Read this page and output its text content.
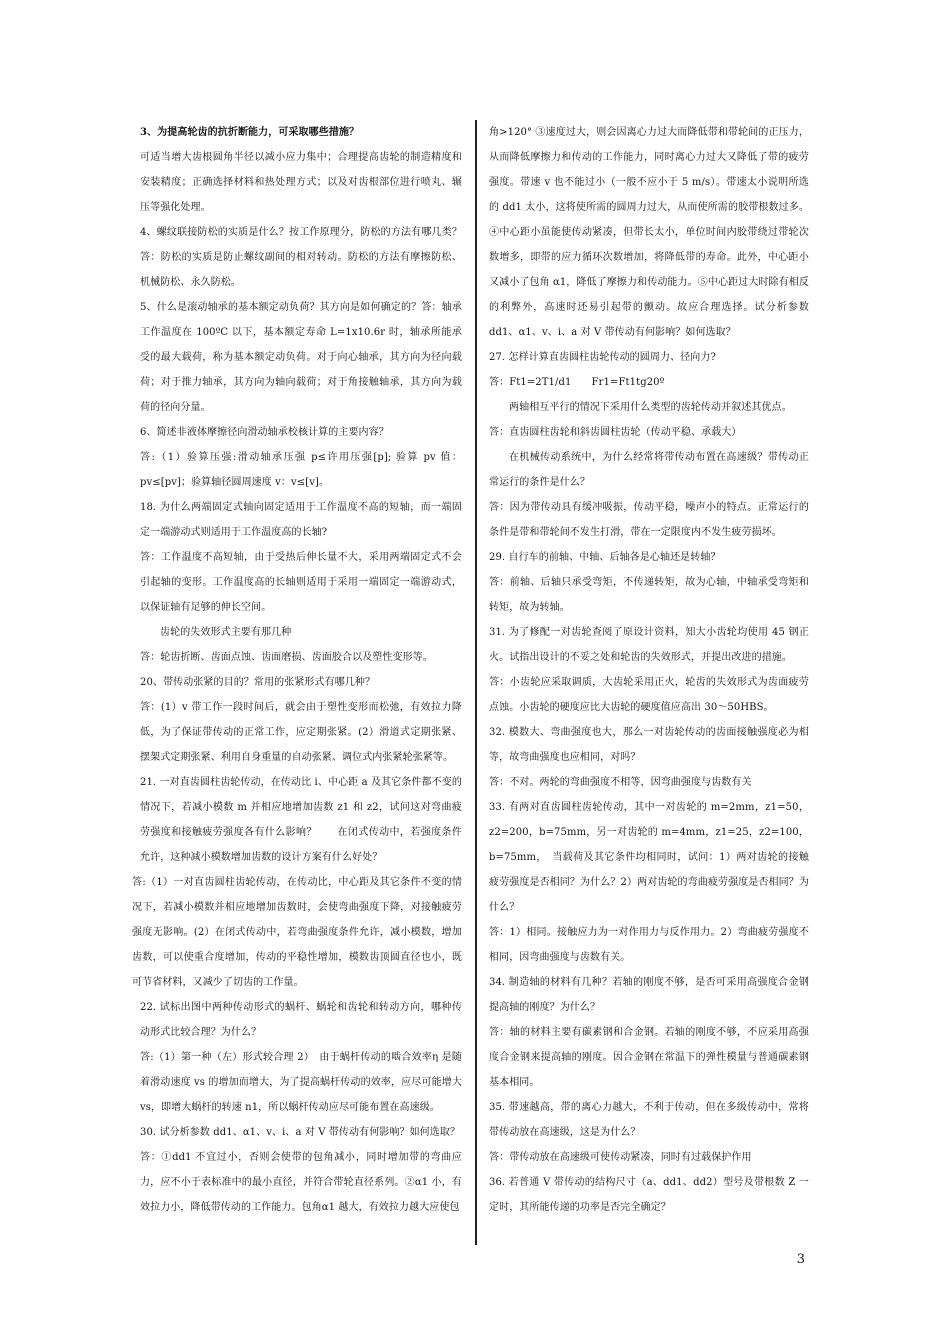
3、为提高轮齿的抗折断能力，可采取哪些措施？

可适当增大齿根圆角半径以减小应力集中；合理提高齿轮的制造精度和安装精度；正确选择材料和热处理方式；以及对齿根部位进行喷丸、辗压等强化处理。

4、螺纹联接防松的实质是什么？按工作原理分，防松的方法有哪几类？答：防松的实质是防止螺纹副间的相对转动。防松的方法有摩擦防松、机械防松、永久防松。

5、什么是滚动轴承的基本额定动负荷？其方向是如何确定的？答：轴承工作温度在 100ºC 以下，基本额定寿命 L=1x10.6r 时，轴承所能承受的最大载荷，称为基本额定动负荷。对于向心轴承，其方向为径向载荷；对于推力轴承，其方向为轴向载荷；对于角接触轴承，其方向为载荷的径向分量。

6、简述非液体摩擦径向滑动轴承校核计算的主要内容？

答:（1）验算压强:滑动轴承压强 p≤许用压强[p]; 验算 pv 值：pv≤[pv]；验算轴径圆周速度 v：v≤[v]。

18. 为什么两端固定式轴向固定适用于工作温度不高的短轴，而一端固定一端游动式则适用于工作温度高的长轴?

答：工作温度不高短轴，由于受热后伸长量不大，采用两端固定式不会引起轴的变形。工作温度高的长轴则适用于采用一端固定一端游动式，以保证轴有足够的伸长空间。

齿轮的失效形式主要有那几种

答：轮齿折断、齿面点蚀、齿面磨损、齿面胶合以及塑性变形等。

20、带传动张紧的目的？常用的张紧形式有哪几种？

答：(1）v 带工作一段时间后，就会由于塑性变形而松弛，有效拉力降低，为了保证带传动的正常工作，应定期张紧。(2）滑道式定期张紧、摆架式定期张紧、利用自身重量的自动张紧、调位式内张紧轮张紧等。

21. 一对直齿圆柱齿轮传动，在传动比 i、中心距 a 及其它条件都不变的情况下，若减小模数 m 并相应地增加齿数 z1 和 z2，试问这对弯曲疲劳强度和接触疲劳强度各有什么影响？　　在闭式传动中，若强度条件允许，这种减小模数增加齿数的设计方案有什么好处？

答:（1）一对直齿圆柱齿轮传动，在传动比，中心距及其它条件不变的情况下，若减小模数并相应地增加齿数时，会使弯曲强度下降，对接触疲劳强度无影响。(2）在闭式传动中，若弯曲强度条件允许，减小模数，增加齿数，可以使重合度增加，传动的平稳性增加，模数齿顶圆直径也小，既可节省材料，又减少了切齿的工作量。

22. 试标出图中两种传动形式的蜗杆、蜗轮和齿轮和转动方向，哪种传动形式比较合理？为什么？

答:（1）第一种（左）形式较合理 2）　由于蜗杆传动的啮合效率η 是随着滑动速度 vs 的增加而增大，为了提高蜗杆传动的效率，应尽可能增大 vs，即增大蜗杆的转速 n1，所以蜗杆传动应尽可能布置在高速级。

30. 试分析参数 dd1、α1、v、i、a 对 V 带传动有何影响？如何选取？

答：①dd1 不宜过小，否则会使带的包角减小，同时增加带的弯曲应力，应不小于表标准中的最小直径，并符合带轮直径系列。②α1 小，有效拉力小，降低带传动的工作能力。包角α1 越大，有效拉力越大应使包

角>120° ③速度过大，则会因离心力过大而降低带和带轮间的正压力，从而降低摩擦力和传动的工作能力，同时离心力过大又降低了带的疲劳强度。带速 v 也不能过小（一般不应小于 5 m/s）。带速太小说明所选的 dd1 太小，这将使所需的圆周力过大，从而使所需的胶带根数过多。④中心距小虽能使传动紧凑，但带长太小，单位时间内胶带绕过带轮次数增多，即带的应力循环次数增加，将降低带的寿命。此外，中心距小又减小了包角 α1，降低了摩擦力和传动能力。⑤中心距过大时除有相反的利弊外，高速时还易引起带的颤动。故应合理选择。试分析参数 dd1、α1、v、i、a 对 V 带传动有何影响？如何选取？

27. 怎样计算直齿圆柱齿轮传动的圆周力、径向力?

答：Ft1=2T1/d1　　Fr1=Ft1tg20º

两轴相互平行的情况下采用什么类型的齿轮传动并叙述其优点。

答：直齿圆柱齿轮和斜齿圆柱齿轮（传动平稳、承载大）

在机械传动系统中，为什么经常将带传动布置在高速级？带传动正常运行的条件是什么？

答：因为带传动具有缓冲吸振，传动平稳，噪声小的特点。正常运行的条件是带和带轮间不发生打滑，带在一定限度内不发生疲劳损坏。

29. 自行车的前轴、中轴、后轴各是心轴还是转轴？

答：前轴、后轴只承受弯矩，不传递转矩，故为心轴，中轴承受弯矩和转矩，故为转轴。

31. 为了修配一对齿轮查阅了原设计资料，知大小齿轮均使用 45 钢正火。试指出设计的不妥之处和轮齿的失效形式，并提出改进的措施。

答：小齿轮应采取调质，大齿轮采用正火，轮齿的失效形式为齿面疲劳点蚀。小齿轮的硬度应比大齿轮的硬度值应高出 30～50HBS。

32. 模数大、弯曲强度也大，那么一对齿轮传动的齿面接触强度必为相等，故弯曲强度也应相同，对吗？

答：不对。两轮的弯曲强度不相等，因弯曲强度与齿数有关

33. 有两对直齿圆柱齿轮传动，其中一对齿轮的 m=2mm，z1=50，z2=200，b=75mm，另一对齿轮的 m=4mm，z1=25，z2=100，b=75mm，　当载荷及其它条件均相同时，试问：1）两对齿轮的接触疲劳强度是否相同？为什么？2）两对齿轮的弯曲疲劳强度是否相同？为什么？

答：1）相同。接触应力为一对作用力与反作用力。2）弯曲疲劳强度不相同，因弯曲强度与齿数有关。

34. 制造轴的材料有几种？若轴的刚度不够，是否可采用高强度合金钢提高轴的刚度？为什么？

答：轴的材料主要有碳素钢和合金钢。若轴的刚度不够，不应采用高强度合金钢来提高轴的刚度。因合金钢在常温下的弹性模量与普通碳素钢基本相同。

35. 带速越高，带的离心力越大，不利于传动，但在多级传动中，常将带传动放在高速级，这是为什么？

答：带传动放在高速级可使传动紧凑，同时有过载保护作用

36. 若普通 V 带传动的结构尺寸（a、dd1、dd2）型号及带根数 Z 一定时，其所能传递的功率是否完全确定？

3
